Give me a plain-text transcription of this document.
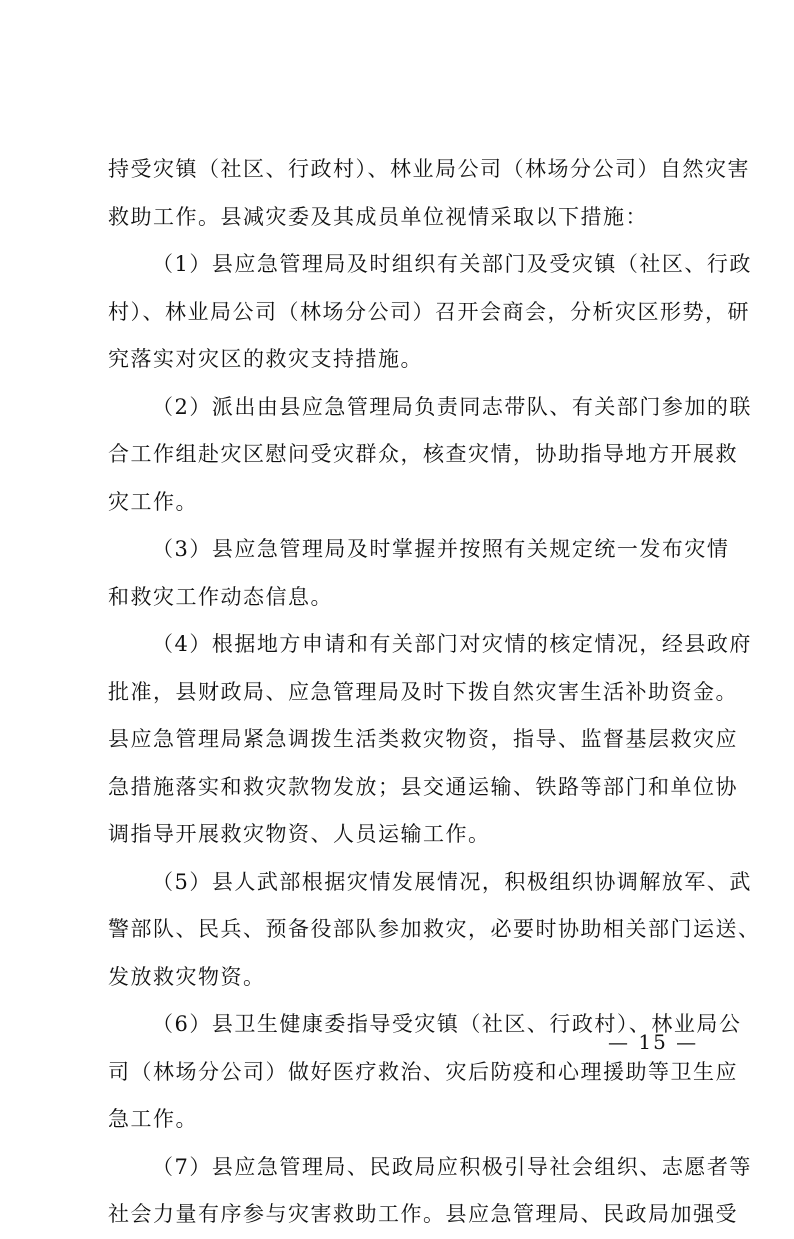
持受灾镇（社区、行政村）、林业局公司（林场分公司）自然灾害
救助工作。县减灾委及其成员单位视情采取以下措施：
（1）县应急管理局及时组织有关部门及受灾镇（社区、行政
村）、林业局公司（林场分公司）召开会商会，分析灾区形势，研
究落实对灾区的救灾支持措施。
（2）派出由县应急管理局负责同志带队、有关部门参加的联
合工作组赴灾区慰问受灾群众，核查灾情，协助指导地方开展救
灾工作。
（3）县应急管理局及时掌握并按照有关规定统一发布灾情
和救灾工作动态信息。
（4）根据地方申请和有关部门对灾情的核定情况，经县政府
批准，县财政局、应急管理局及时下拨自然灾害生活补助资金。
县应急管理局紧急调拨生活类救灾物资，指导、监督基层救灾应
急措施落实和救灾款物发放；县交通运输、铁路等部门和单位协
调指导开展救灾物资、人员运输工作。
（5）县人武部根据灾情发展情况，积极组织协调解放军、武
警部队、民兵、预备役部队参加救灾，必要时协助相关部门运送、
发放救灾物资。
（6）县卫生健康委指导受灾镇（社区、行政村）、林业局公
司（林场分公司）做好医疗救治、灾后防疫和心理援助等卫生应
急工作。
（7）县应急管理局、民政局应积极引导社会组织、志愿者等
社会力量有序参与灾害救助工作。县应急管理局、民政局加强受
— 15 —
